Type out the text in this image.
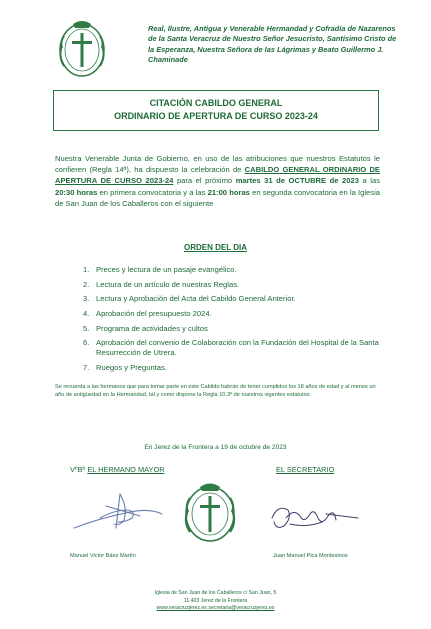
✝
Real, Ilustre, Antigua y Venerable Hermandad y Cofradía de Nazarenos de la Santa Veracruz de Nuestro Señor Jesucristo, Santísimo Cristo de la Esperanza, Nuestra Señora de las Lágrimas y Beato Guillermo J. Chaminade
CITACIÓN CABILDO GENERAL
ORDINARIO DE APERTURA DE CURSO 2023-24
Nuestra Venerable Junta de Gobierno, en uso de las atribuciones que nuestros Estatutos le confieren (Regla 14ª), ha dispuesto la celebración de CABILDO GENERAL ORDINARIO DE APERTURA DE CURSO 2023-24 para el próximo martes 31 de OCTUBRE de 2023 a las 20:30 horas en primera convocatoria y a las 21:00 horas en segunda convocatoria en la Iglesia de San Juan de los Caballeros con el siguiente
ORDEN DEL DIA
1. Preces y lectura de un pasaje evangélico.
2. Lectura de un artículo de nuestras Reglas.
3. Lectura y Aprobación del Acta del Cabildo General Anterior.
4. Aprobación del presupuesto 2024.
5. Programa de actividades y cultos
6. Aprobación del convenio de Colaboración con la Fundación del Hospital de la Santa Resurrección de Utrera.
7. Ruegos y Preguntas.
Se recuerda a las hermanos que para tomar parte en este Cabildo habrán de tener cumplidos los 18 años de edad y al menos un año de antigüedad en la Hermandad, tal y como dispone la Regla 10.3º de nuestros vigentes estatutos.
En Jerez de la Frontera a 19 de octubre de 2023
VºBº EL HERMANO MAYOR	EL SECRETARIO
Manuel Victor Báez Martín	Juan Manuel Pica Montesinos
Iglesia de San Juan de los Caballeros c/ San Juan, 5
11.403 Jerez de la Frontera
www.veracruzjerez.es secretaria@veracruzjerez.es
